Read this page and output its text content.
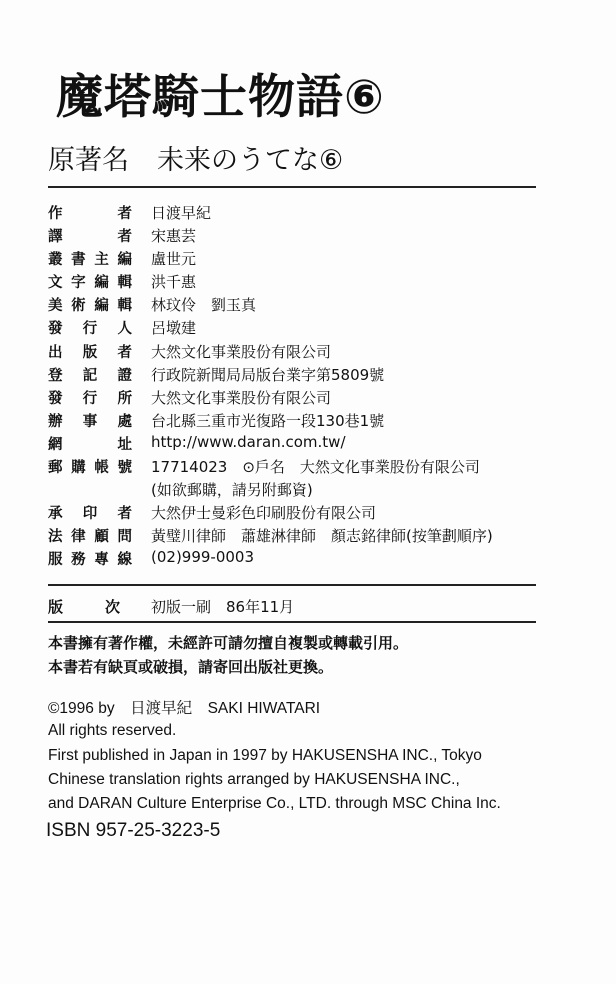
魔塔騎士物語⑥
原著名 未来のうてな⑥
作　者 日渡早紀
譯　者 宋惠芸
叢書主編 盧世元
文字編輯 洪千惠
美術編輯 林玟伶　劉玉真
發行人 呂墩建
出版者 大然文化事業股份有限公司
登記證 行政院新聞局局版台業字第5809號
發行所 大然文化事業股份有限公司
辦事處 台北縣三重市光復路一段130巷1號
網　址 http://www.daran.com.tw/
郵購帳號 17714023　⊙戶名　大然文化事業股份有限公司
(如欲郵購，請另附郵資)
承印者 大然伊士曼彩色印刷股份有限公司
法律顧問 黃璧川律師　蕭雄淋律師　顏志銘律師(按筆劃順序)
服務專線 (02)999-0003
版　次 初版一刷　86年11月
本書擁有著作權，未經許可請勿擅自複製或轉載引用。
本書若有缺頁或破損，請寄回出版社更換。
©1996 by　日渡早紀　SAKI HIWATARI
All rights reserved.
First published in Japan in 1997 by HAKUSENSHA INC., Tokyo
Chinese translation rights arranged by HAKUSENSHA INC.,
and DARAN Culture Enterprise Co., LTD. through MSC China Inc.
ISBN 957-25-3223-5
